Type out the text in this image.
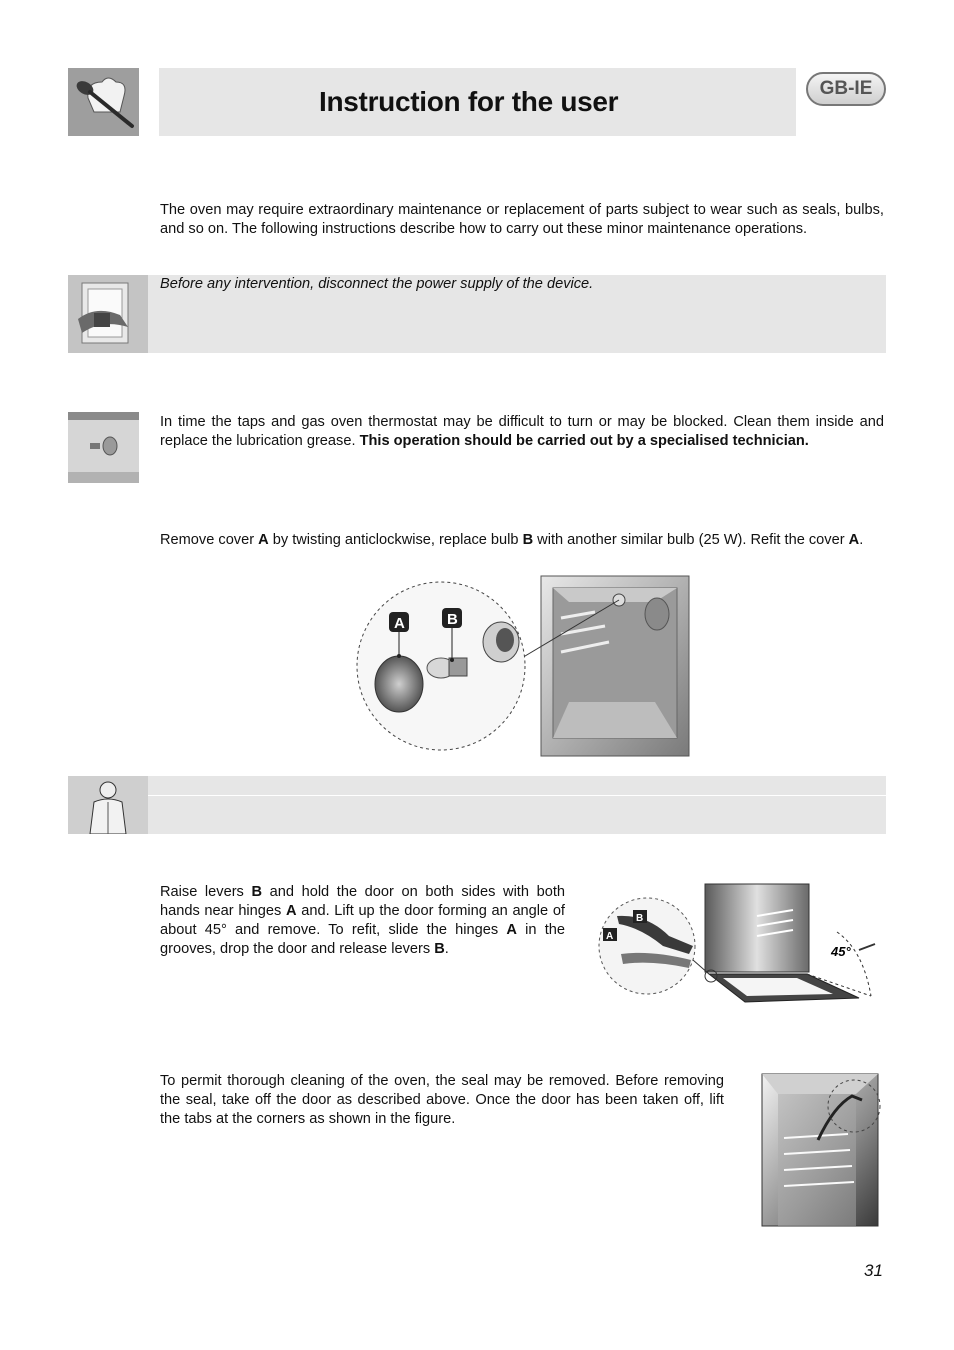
Instruction for the user	GB-IE
The oven may require extraordinary maintenance or replacement of parts subject to wear such as seals, bulbs, and so on. The following instructions describe how to carry out these minor maintenance operations.
Before any intervention, disconnect the power supply of the device.
In time the taps and gas oven thermostat may be difficult to turn or may be blocked. Clean them inside and replace the lubrication grease. This operation should be carried out by a specialised technician.
Remove cover A by twisting anticlockwise, replace bulb B with another similar bulb (25 W). Refit the cover A.
A	B
Raise levers B and hold the door on both sides with both hands near hinges A and. Lift up the door forming an angle of about 45° and remove. To refit, slide the hinges A in the grooves, drop the door and release levers B.	45°
B
A
To permit thorough cleaning of the oven, the seal may be removed. Before removing the seal, take off the door as described above. Once the door has been taken off, lift the tabs at the corners as shown in the figure.
31
